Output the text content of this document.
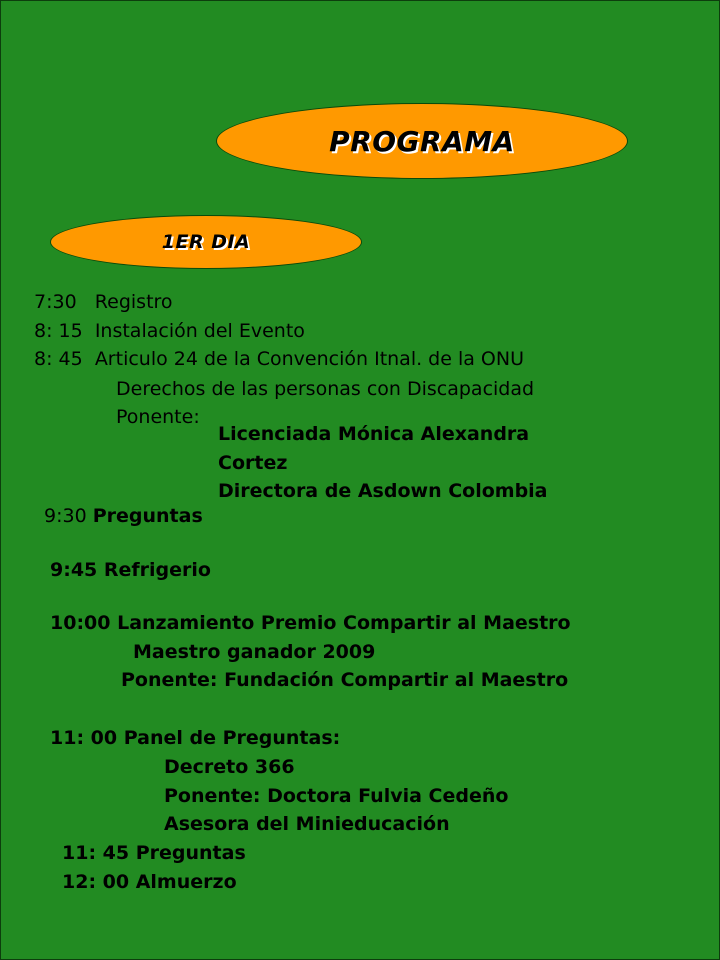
PROGRAMA
1ER DIA
7:30 Registro
8: 15 Instalación del Evento
8: 45 Articulo 24 de la Convención Itnal. de la ONU
Derechos de las personas con Discapacidad
Ponente:
Licenciada Mónica Alexandra
Cortez
Directora de Asdown Colombia
9:30 Preguntas
9:45 Refrigerio
10:00 Lanzamiento Premio Compartir al Maestro
Maestro ganador 2009
Ponente: Fundación Compartir al Maestro
11: 00 Panel de Preguntas:
Decreto 366
Ponente: Doctora Fulvia Cedeño
Asesora del Minieducación
11: 45 Preguntas
12: 00 Almuerzo
